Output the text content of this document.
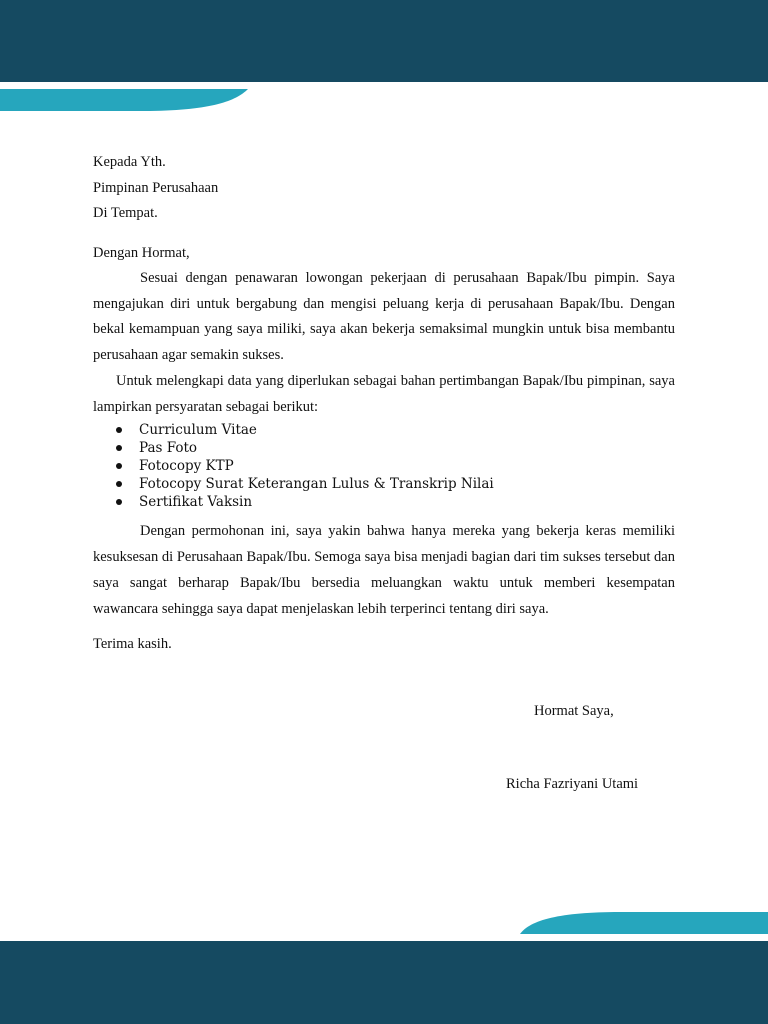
Kepada Yth.
Pimpinan Perusahaan
Di Tempat.
Dengan Hormat,
Sesuai dengan penawaran lowongan pekerjaan di perusahaan Bapak/Ibu pimpin. Saya mengajukan diri untuk bergabung dan mengisi peluang kerja di perusahaan Bapak/Ibu. Dengan bekal kemampuan yang saya miliki, saya akan bekerja semaksimal mungkin untuk bisa membantu perusahaan agar semakin sukses.
Untuk melengkapi data yang diperlukan sebagai bahan pertimbangan Bapak/Ibu pimpinan, saya lampirkan persyaratan sebagai berikut:
Curriculum Vitae
Pas Foto
Fotocopy KTP
Fotocopy Surat Keterangan Lulus & Transkrip Nilai
Sertifikat Vaksin
Dengan permohonan ini, saya yakin bahwa hanya mereka yang bekerja keras memiliki kesuksesan di Perusahaan Bapak/Ibu. Semoga saya bisa menjadi bagian dari tim sukses tersebut dan saya sangat berharap Bapak/Ibu bersedia meluangkan waktu untuk memberi kesempatan wawancara sehingga saya dapat menjelaskan lebih terperinci tentang diri saya.
Terima kasih.
Hormat Saya,
Richa Fazriyani Utami
